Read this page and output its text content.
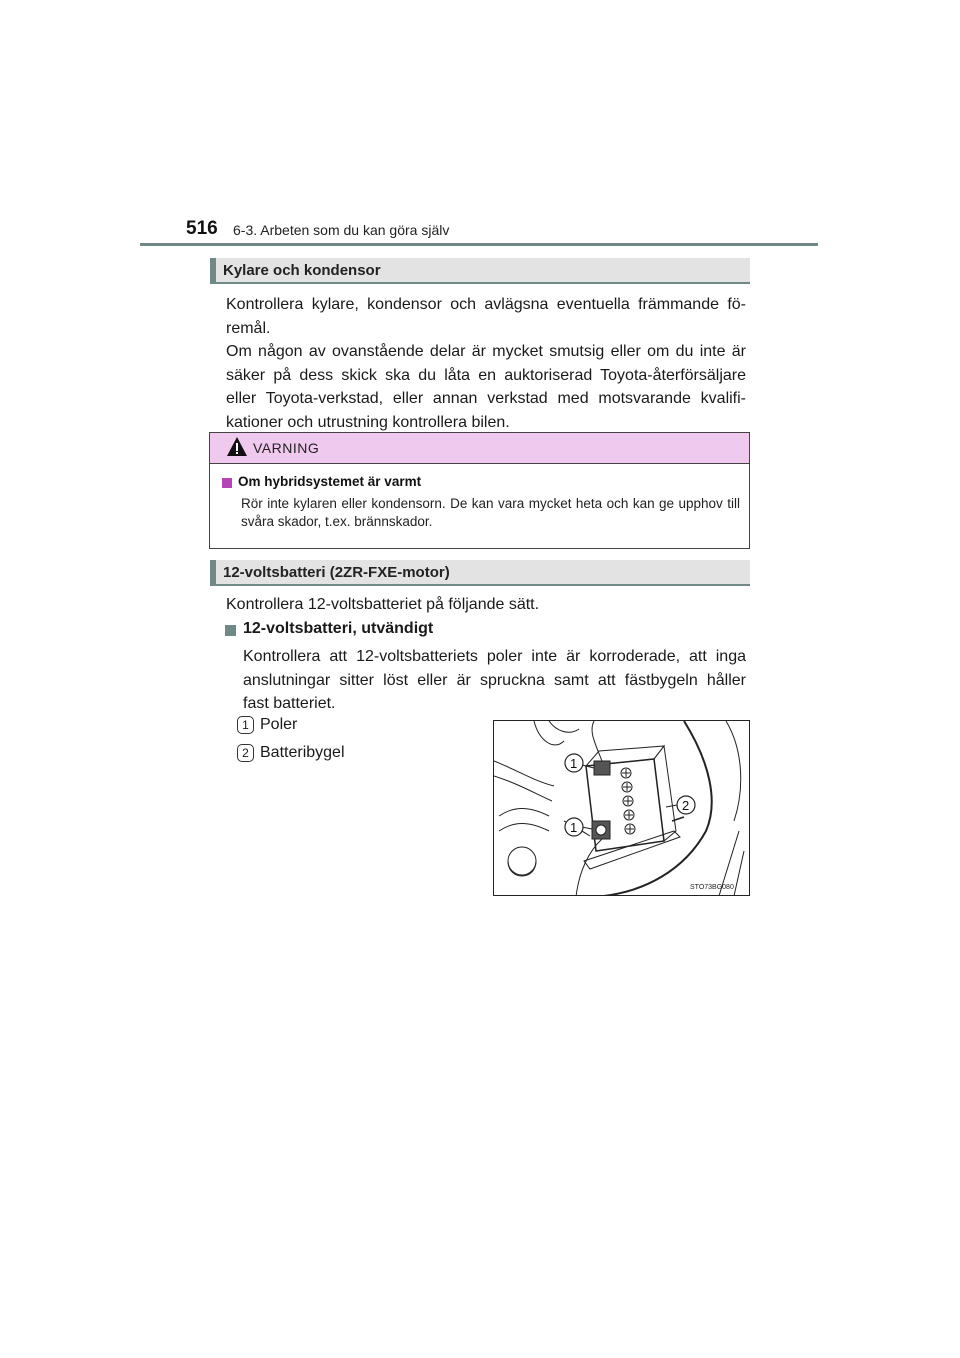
516 6-3. Arbeten som du kan göra själv
Kylare och kondensor
Kontrollera kylare, kondensor och avlägsna eventuella främmande fö-
remål.
Om någon av ovanstående delar är mycket smutsig eller om du inte är
säker på dess skick ska du låta en auktoriserad Toyota-återförsäljare
eller Toyota-verkstad, eller annan verkstad med motsvarande kvalifi-
kationer och utrustning kontrollera bilen.
VARNING
Om hybridsystemet är varmt
Rör inte kylaren eller kondensorn. De kan vara mycket heta och kan ge upphov till svåra skador, t.ex. brännskador.
12-voltsbatteri (2ZR-FXE-motor)
Kontrollera 12-voltsbatteriet på följande sätt.
12-voltsbatteri, utvändigt
Kontrollera att 12-voltsbatteriets poler inte är korroderade, att inga
anslutningar sitter löst eller är spruckna samt att fästbygeln håller
fast batteriet.
1 Poler
2 Batteribygel
1
2
1
STO73BG080
